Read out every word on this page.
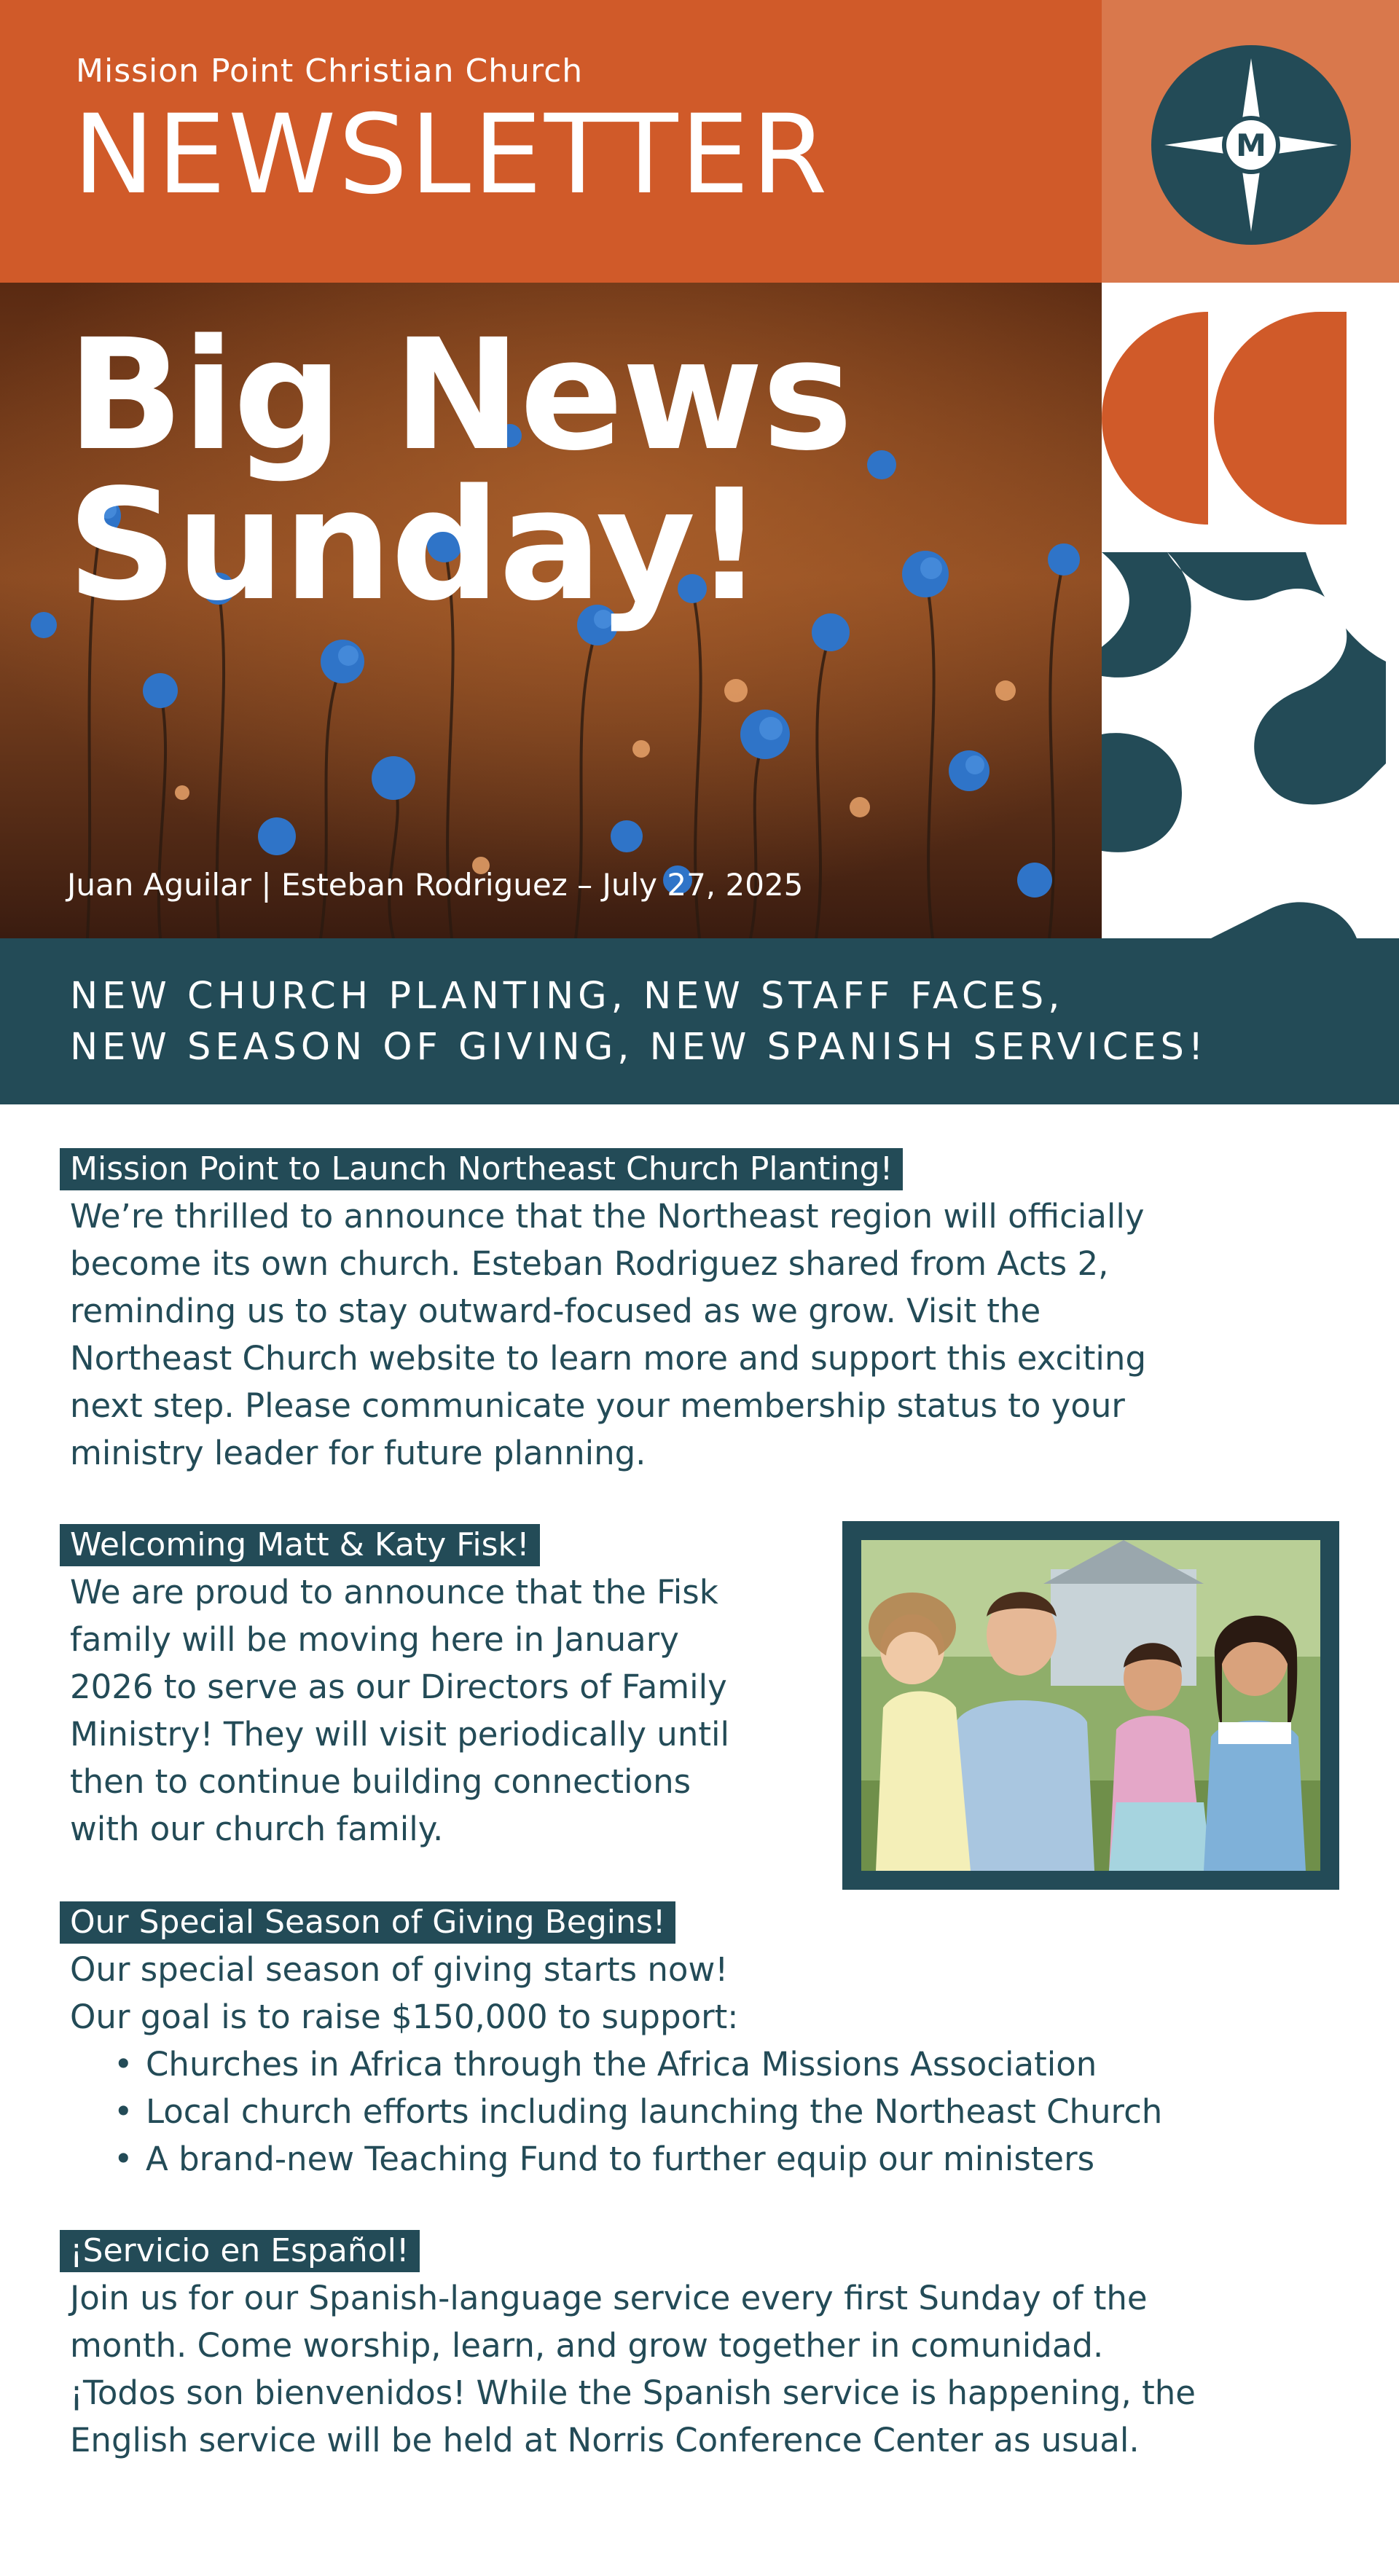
Mission Point Christian Church
NEWSLETTER	M
Big News
Sunday!
Juan Aguilar | Esteban Rodriguez – July 27, 2025
NEW CHURCH PLANTING, NEW STAFF FACES,
NEW SEASON OF GIVING, NEW SPANISH SERVICES!
Mission Point to Launch Northeast Church Planting!
We’re thrilled to announce that the Northeast region will officially
become its own church. Esteban Rodriguez shared from Acts 2,
reminding us to stay outward-focused as we grow. Visit the
Northeast Church website to learn more and support this exciting
next step. Please communicate your membership status to your
ministry leader for future planning.
Welcoming Matt & Katy Fisk!
We are proud to announce that the Fisk
family will be moving here in January
2026 to serve as our Directors of Family
Ministry! They will visit periodically until
then to continue building connections
with our church family.
Our Special Season of Giving Begins!
Our special season of giving starts now!
Our goal is to raise $150,000 to support:
• Churches in Africa through the Africa Missions Association
• Local church efforts including launching the Northeast Church
• A brand-new Teaching Fund to further equip our ministers
¡Servicio en Español!
Join us for our Spanish-language service every first Sunday of the
month. Come worship, learn, and grow together in comunidad.
¡Todos son bienvenidos! While the Spanish service is happening, the
English service will be held at Norris Conference Center as usual.
